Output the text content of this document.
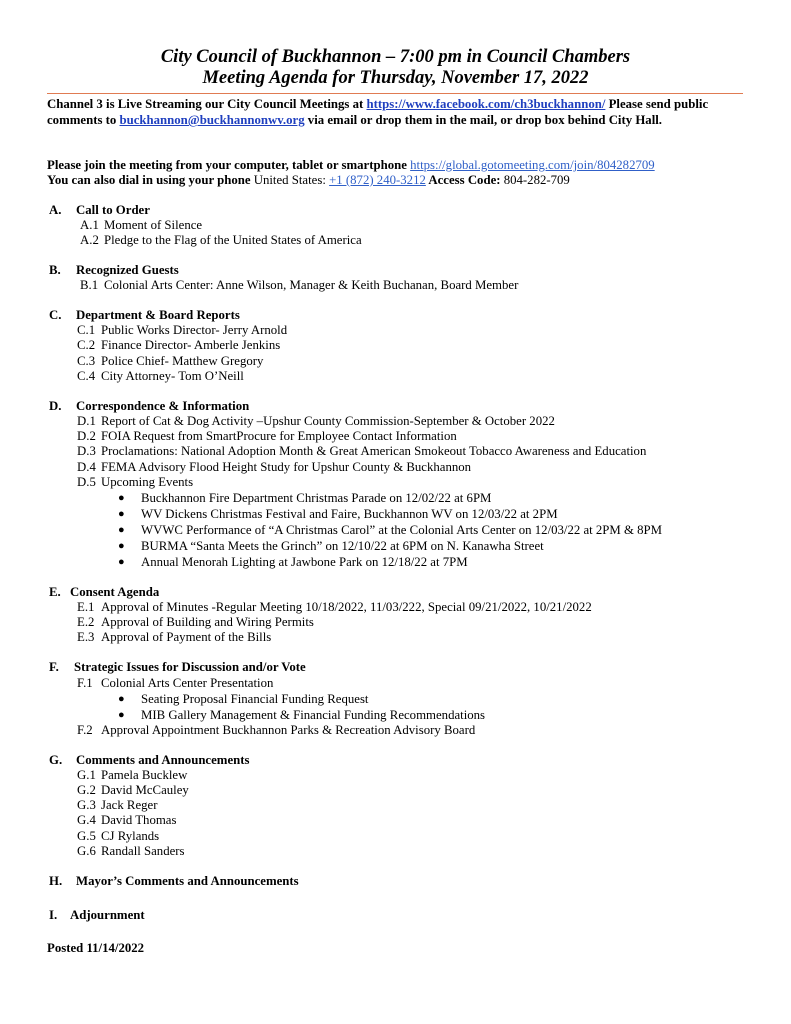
City Council of Buckhannon – 7:00 pm in Council Chambers
Meeting Agenda for Thursday, November 17, 2022
Channel 3 is Live Streaming our City Council Meetings at https://www.facebook.com/ch3buckhannon/ Please send public comments to buckhannon@buckhannonwv.org via email or drop them in the mail, or drop box behind City Hall.
Please join the meeting from your computer, tablet or smartphone https://global.gotomeeting.com/join/804282709
You can also dial in using your phone United States: +1 (872) 240-3212 Access Code: 804-282-709
A. Call to Order
A.1 Moment of Silence
A.2 Pledge to the Flag of the United States of America
B. Recognized Guests
B.1 Colonial Arts Center: Anne Wilson, Manager & Keith Buchanan, Board Member
C. Department & Board Reports
C.1 Public Works Director- Jerry Arnold
C.2 Finance Director- Amberle Jenkins
C.3 Police Chief- Matthew Gregory
C.4 City Attorney- Tom O’Neill
D. Correspondence & Information
D.1 Report of Cat & Dog Activity –Upshur County Commission-September & October 2022
D.2 FOIA Request from SmartProcure for Employee Contact Information
D.3 Proclamations: National Adoption Month & Great American Smokeout Tobacco Awareness and Education
D.4 FEMA Advisory Flood Height Study for Upshur County & Buckhannon
D.5 Upcoming Events
● Buckhannon Fire Department Christmas Parade on 12/02/22 at 6PM
● WV Dickens Christmas Festival and Faire, Buckhannon WV on 12/03/22 at 2PM
● WVWC Performance of “A Christmas Carol” at the Colonial Arts Center on 12/03/22 at 2PM & 8PM
● BURMA “Santa Meets the Grinch” on 12/10/22 at 6PM on N. Kanawha Street
● Annual Menorah Lighting at Jawbone Park on 12/18/22 at 7PM
E. Consent Agenda
E.1 Approval of Minutes -Regular Meeting 10/18/2022, 11/03/222, Special 09/21/2022, 10/21/2022
E.2 Approval of Building and Wiring Permits
E.3 Approval of Payment of the Bills
F. Strategic Issues for Discussion and/or Vote
F.1 Colonial Arts Center Presentation
● Seating Proposal Financial Funding Request
● MIB Gallery Management & Financial Funding Recommendations
F.2 Approval Appointment Buckhannon Parks & Recreation Advisory Board
G. Comments and Announcements
G.1 Pamela Bucklew
G.2 David McCauley
G.3 Jack Reger
G.4 David Thomas
G.5 CJ Rylands
G.6 Randall Sanders
H. Mayor’s Comments and Announcements
I. Adjournment
Posted 11/14/2022
